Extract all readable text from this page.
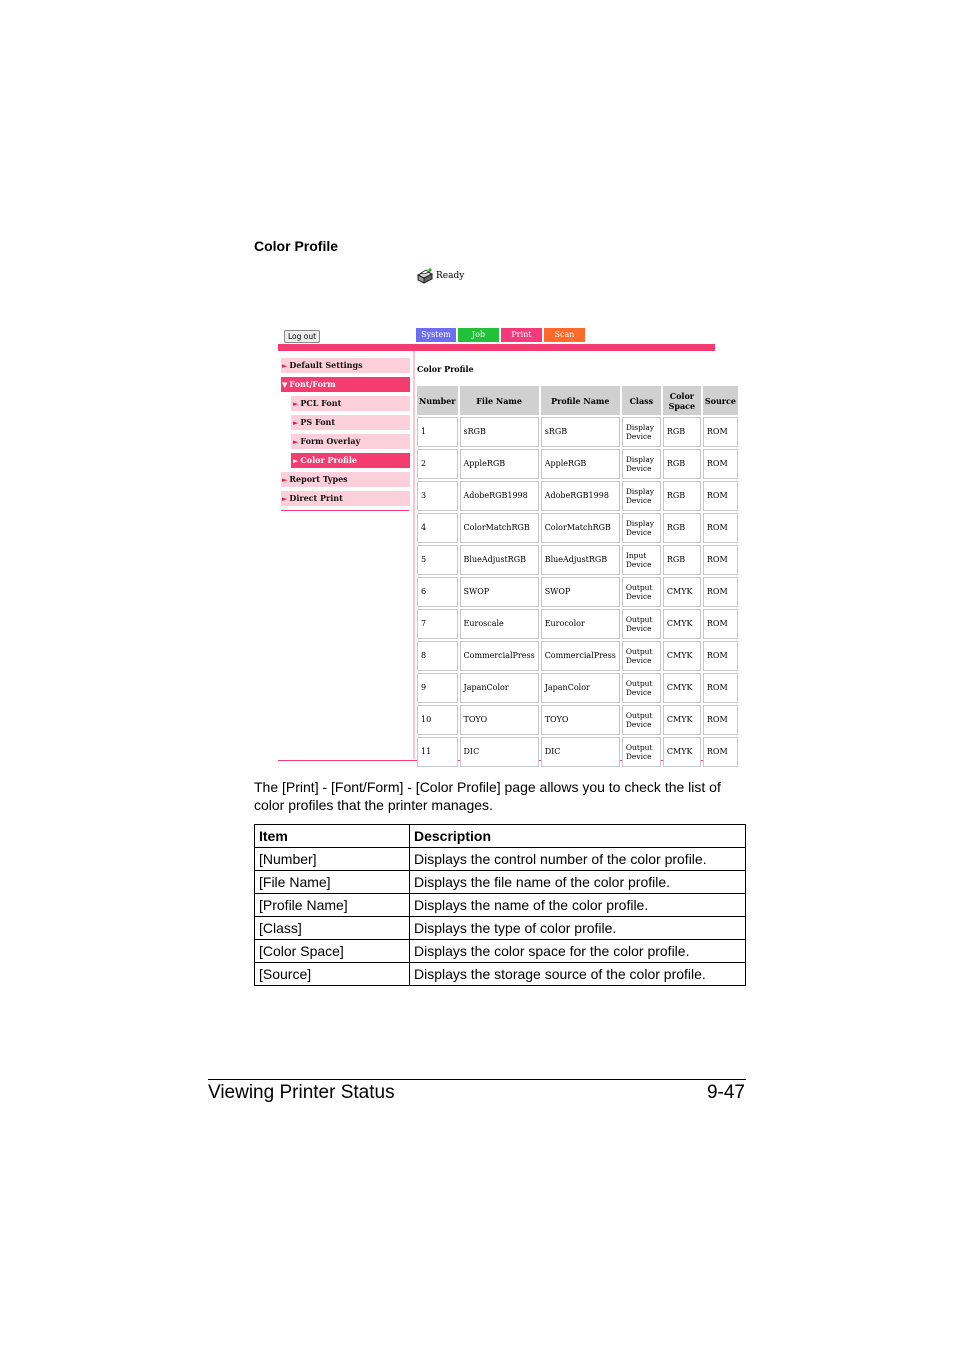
Color Profile
Ready
Log out	System	Job	Print	Scan
► Default Settings
▼ Font/Form
► PCL Font
► PS Font
► Form Overlay
► Color Profile
► Report Types
► Direct Print
Color Profile
Number	File Name	Profile Name	Class	Color Space	Source
1	sRGB	sRGB	Display Device	RGB	ROM
2	AppleRGB	AppleRGB	Display Device	RGB	ROM
3	AdobeRGB1998	AdobeRGB1998	Display Device	RGB	ROM
4	ColorMatchRGB	ColorMatchRGB	Display Device	RGB	ROM
5	BlueAdjustRGB	BlueAdjustRGB	Input Device	RGB	ROM
6	SWOP	SWOP	Output Device	CMYK	ROM
7	Euroscale	Eurocolor	Output Device	CMYK	ROM
8	CommercialPress	CommercialPress	Output Device	CMYK	ROM
9	JapanColor	JapanColor	Output Device	CMYK	ROM
10	TOYO	TOYO	Output Device	CMYK	ROM
11	DIC	DIC	Output Device	CMYK	ROM
The [Print] - [Font/Form] - [Color Profile] page allows you to check the list of color profiles that the printer manages.
Item	Description
[Number]	Displays the control number of the color profile.
[File Name]	Displays the file name of the color profile.
[Profile Name]	Displays the name of the color profile.
[Class]	Displays the type of color profile.
[Color Space]	Displays the color space for the color profile.
[Source]	Displays the storage source of the color profile.
Viewing Printer Status	9-47
